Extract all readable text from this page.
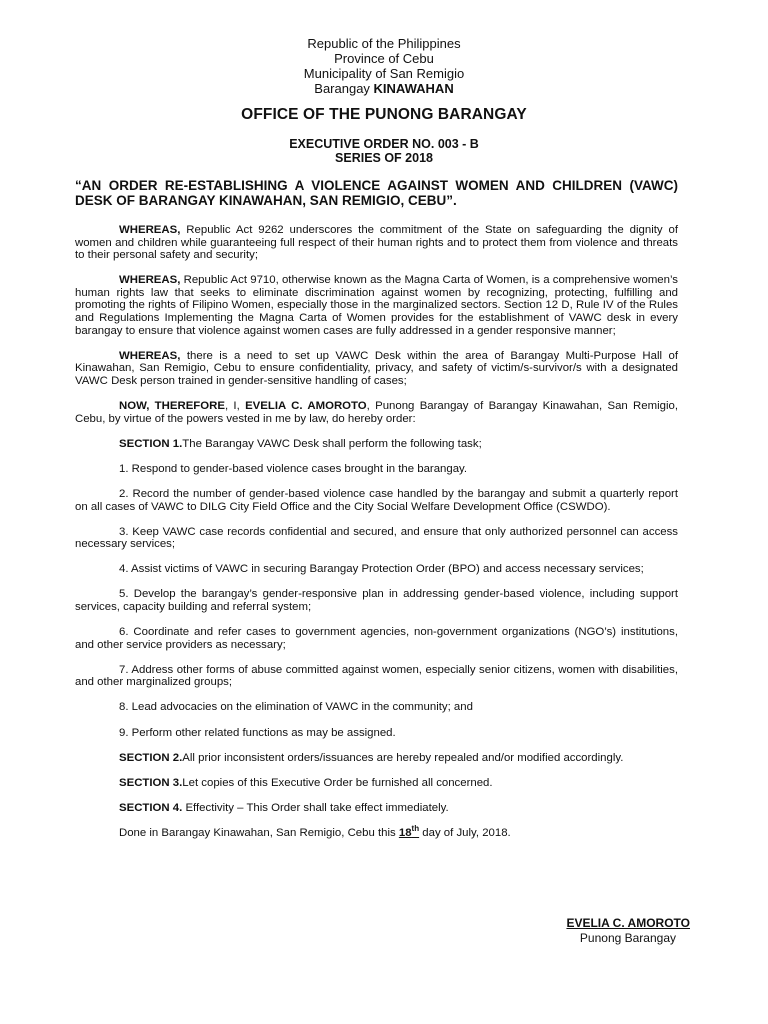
Republic of the Philippines
Province of Cebu
Municipality of San Remigio
Barangay KINAWAHAN
OFFICE OF THE PUNONG BARANGAY
EXECUTIVE ORDER NO. 003 - B
SERIES OF 2018
“AN ORDER RE-ESTABLISHING A VIOLENCE AGAINST WOMEN AND CHILDREN (VAWC) DESK OF BARANGAY KINAWAHAN, SAN REMIGIO, CEBU”.

WHEREAS, Republic Act 9262 underscores the commitment of the State on safeguarding the dignity of women and children while guaranteeing full respect of their human rights and to protect them from violence and threats to their personal safety and security;

WHEREAS, Republic Act 9710, otherwise known as the Magna Carta of Women, is a comprehensive women’s human rights law that seeks to eliminate discrimination against women by recognizing, protecting, fulfilling and promoting the rights of Filipino Women, especially those in the marginalized sectors. Section 12 D, Rule IV of the Rules and Regulations Implementing the Magna Carta of Women provides for the establishment of VAWC desk in every barangay to ensure that violence against women cases are fully addressed in a gender responsive manner;

WHEREAS, there is a need to set up VAWC Desk within the area of Barangay Multi-Purpose Hall of Kinawahan, San Remigio, Cebu to ensure confidentiality, privacy, and safety of victim/s-survivor/s with a designated VAWC Desk person trained in gender-sensitive handling of cases;

NOW, THEREFORE, I, EVELIA C. AMOROTO, Punong Barangay of Barangay Kinawahan, San Remigio, Cebu, by virtue of the powers vested in me by law, do hereby order:

SECTION 1.The Barangay VAWC Desk shall perform the following task;

1. Respond to gender-based violence cases brought in the barangay.

2. Record the number of gender-based violence case handled by the barangay and submit a quarterly report on all cases of VAWC to DILG City Field Office and the City Social Welfare Development Office (CSWDO).

3. Keep VAWC case records confidential and secured, and ensure that only authorized personnel can access necessary services;

4. Assist victims of VAWC in securing Barangay Protection Order (BPO) and access necessary services;

5. Develop the barangay’s gender-responsive plan in addressing gender-based violence, including support services, capacity building and referral system;

6. Coordinate and refer cases to government agencies, non-government organizations (NGO’s) institutions, and other service providers as necessary;

7. Address other forms of abuse committed against women, especially senior citizens, women with disabilities, and other marginalized groups;

8. Lead advocacies on the elimination of VAWC in the community; and

9. Perform other related functions as may be assigned.

SECTION 2.All prior inconsistent orders/issuances are hereby repealed and/or modified accordingly.

SECTION 3.Let copies of this Executive Order be furnished all concerned.

SECTION 4. Effectivity – This Order shall take effect immediately.

Done in Barangay Kinawahan, San Remigio, Cebu this 18th day of July, 2018.

EVELIA C. AMOROTO
Punong Barangay
